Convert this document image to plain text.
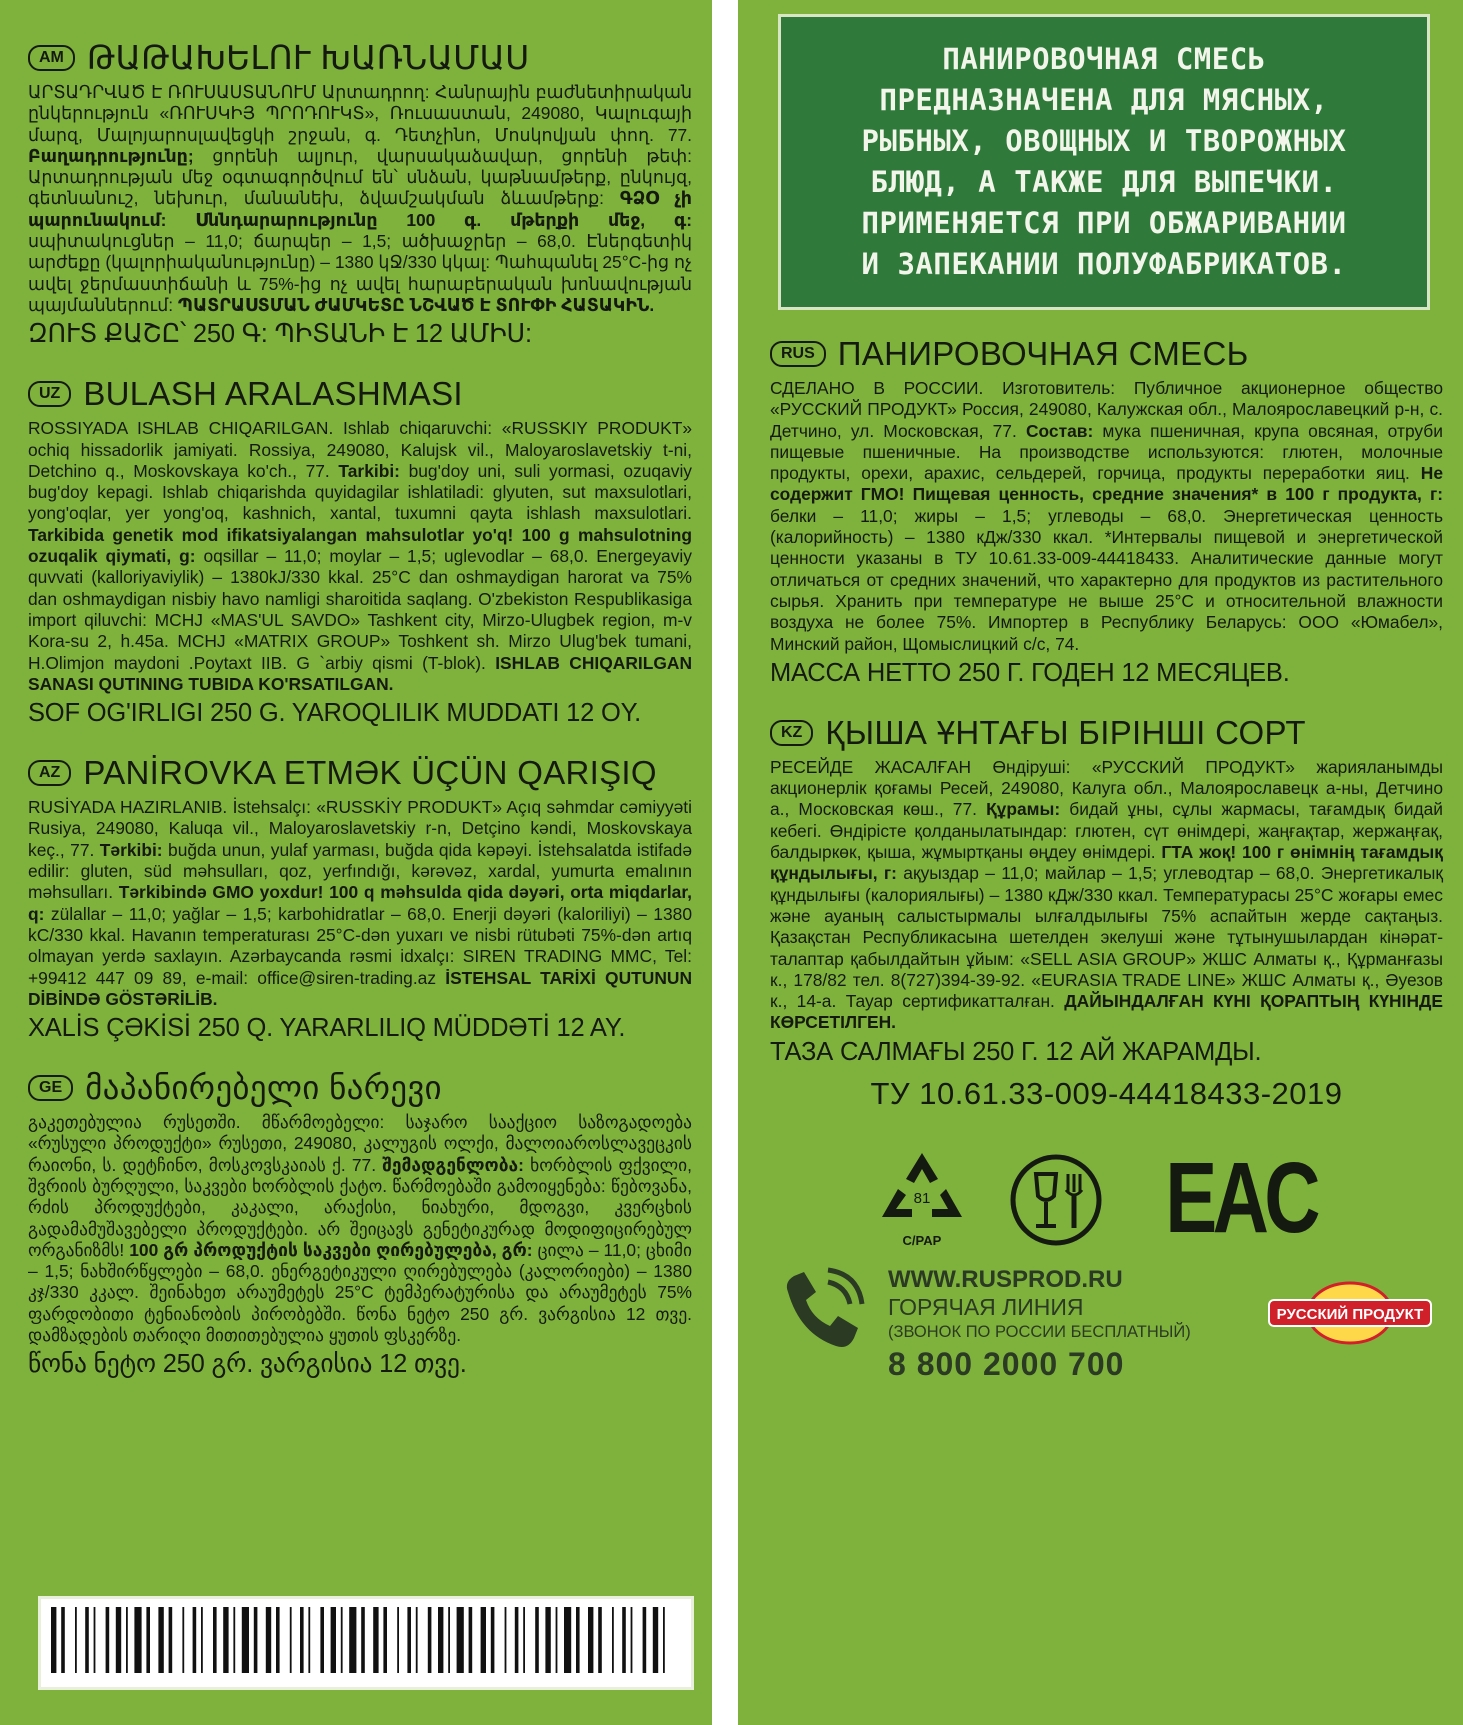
AM ԹԱԹԱԽԵԼՈՒ ԽԱՌՆԱՄԱՍ

ԱՐՏԱԴՐՎԱԾ Է ՌՈՒՍԱՍՏԱՆՈՒՄ Արտադրող: Հանրային բաժնետիրական ընկերություն «ՌՈՒՍԿԻՅ ՊՐՈԴՈՒԿՏ», Ռուսաստան, 249080, Կալուգայի մարզ, Մալոյարոսլավեցկի շրջան, գ. Դետչինո, Մոսկովյան փող. 77. Բաղադրությունը; ցորենի ալյուր, վարսակաձավար, ցորենի թեփ: Արտադրության մեջ օգտագործվում են՝ սնձան, կաթնամթերք, ընկույզ, գետնանուշ, նեխուր, մանանեխ, ձվամշակման ձևամթերք: ԳՁՕ չի պարունակում: Սննդարարությունը 100 գ. մթերքի մեջ, գ: սպիտակուցներ – 11,0; ճարպեր – 1,5; ածխաջրեր – 68,0. Էներգետիկ արժեքը (կալորիականությունը) – 1380 կՋ/330 կկալ: Պահպանել 25°C-ից ոչ ավել ջերմաստիճանի և 75%-ից ոչ ավել հարաբերական խոնավության պայմաններում: ՊԱՏՐԱՍՏՄԱՆ ԺԱՄԿԵՏԸ ՆՇՎԱԾ Է ՏՈՒՓԻ ՀԱՏԱԿԻՆ.

ԶՈՒՏ ՔԱՇԸ՝ 250 Գ: ՊԻՏԱՆԻ Է 12 ԱՄԻՍ:
UZ BULASH ARALASHMASI

ROSSIYADA ISHLAB CHIQARILGAN. Ishlab chiqaruvchi: «RUSSKIY PRODUKT» ochiq hissadorlik jamiyati. Rossiya, 249080, Kalujsk vil., Maloyaroslavetskiy t-ni, Detchino q., Moskovskaya ko'ch., 77. Tarkibi: bug'doy uni, suli yormasi, ozuqaviy bug'doy kepagi. Ishlab chiqarishda quyidagilar ishlatiladi: glyuten, sut maxsulotlari, yong'oqlar, yer yong'oq, kashnich, xantal, tuxumni qayta ishlash maxsulotlari. Tarkibida genetik mod ifikatsiyalangan mahsulotlar yo'q! 100 g mahsulotning ozuqalik qiymati, g: oqsillar – 11,0; moylar – 1,5; uglevodlar – 68,0. Energeyaviy quvvati (kalloriyaviylik) – 1380kJ/330 kkal. 25°C dan oshmaydigan harorat va 75% dan oshmaydigan nisbiy havo namligi sharoitida saqlang. O'zbekiston Respublikasiga import qiluvchi: MCHJ «MAS'UL SAVDO» Tashkent city, Mirzo-Ulugbek region, m-v Kora-su 2, h.45a. MCHJ «MATRIX GROUP» Toshkent sh. Mirzo Ulug'bek tumani, H.Olimjon maydoni .Poytaxt IIB. G `arbiy qismi (T-blok). ISHLAB CHIQARILGAN SANASI QUTINING TUBIDA KO'RSATILGAN.

SOF OG'IRLIGI 250 G. YAROQLILIK MUDDATI 12 OY.
AZ PANİROVKA ETMƏK ÜÇÜN QARIŞIQ

RUSİYADA HAZIRLANIB. İstehsalçı: «RUSSKİY PRODUKT» Açıq səhmdar cəmiyyəti Rusiya, 249080, Kaluqa vil., Maloyaroslavetskiy r-n, Detçino kəndi, Moskovskaya keç., 77. Tərkibi: buğda unun, yulaf yarması, buğda qida kəpəyi. İstehsalatda istifadə edilir: gluten, süd məhsulları, qoz, yerfındığı, kərəvəz, xardal, yumurta emalının məhsulları. Tərkibində GMO yoxdur! 100 q məhsulda qida dəyəri, orta miqdarlar, q: zülallar – 11,0; yağlar – 1,5; karbohidratlar – 68,0. Enerji dəyəri (kaloriliyi) – 1380 kC/330 kkal. Havanın temperaturası 25°C-dən yuxarı ve nisbi rütubəti 75%-dən artıq olmayan yerdə saxlayın. Azərbaycanda rəsmi idxalçı: SIREN TRADING MMC, Tel: +99412 447 09 89, e-mail: office@siren-trading.az İSTEHSAL TARİXİ QUTUNUN DİBİNDƏ GÖSTƏRİLİB.

XALİS ÇƏKİSİ 250 Q. YARARLILIQ MÜDDƏTİ 12 AY.
GE მაპანირებელი ნარევი

გაკეთებულია რუსეთში. მწარმოებელი: საჯარო სააქციო საზოგადოება «რუსული პროდუქტი» რუსეთი, 249080, კალუგის ოლქი, მალოიაროსლავეცკის რაიონი, ს. დეტჩინო, მოსკოვსკაიას ქ. 77. შემადგენლობა: ხორბლის ფქვილი, შვრიის ბურღული, საკვები ხორბლის ქატო. წარმოებაში გამოიყენება: წებოვანა, რძის პროდუქტები, კაკალი, არაქისი, ნიახური, მდოგვი, კვერცხის გადამამუშავებელი პროდუქტები. არ შეიცავს გენეტიკურად მოდიფიცირებულ ორგანიზმს! 100 გრ პროდუქტის საკვები ღირებულება, გრ: ცილა – 11,0; ცხიმი – 1,5; ნახშირწყლები – 68,0. ენერგეტიკული ღირებულება (კალორიები) – 1380 კჯ/330 კკალ. შეინახეთ არაუმეტეს 25°C ტემპერატურისა და არაუმეტეს 75% ფარდობითი ტენიანობის პირობებში. წონა ნეტო 250 გრ. ვარგისია 12 თვე. დამზადების თარიღი მითითებულია ყუთის ფსკერზე.

წონა ნეტო 250 გრ. ვარგისია 12 თვე.
ПАНИРОВОЧНАЯ СМЕСЬ
ПРЕДНАЗНАЧЕНА ДЛЯ МЯСНЫХ,
РЫБНЫХ, ОВОЩНЫХ И ТВОРОЖНЫХ
БЛЮД, А ТАКЖЕ ДЛЯ ВЫПЕЧКИ.
ПРИМЕНЯЕТСЯ ПРИ ОБЖАРИВАНИИ
И ЗАПЕКАНИИ ПОЛУФАБРИКАТОВ.
RUS ПАНИРОВОЧНАЯ СМЕСЬ

СДЕЛАНО В РОССИИ. Изготовитель: Публичное акционерное общество «РУССКИЙ ПРОДУКТ» Россия, 249080, Калужская обл., Малоярославецкий р-н, с. Детчино, ул. Московская, 77. Состав: мука пшеничная, крупа овсяная, отруби пищевые пшеничные. На производстве используются: глютен, молочные продукты, орехи, арахис, сельдерей, горчица, продукты переработки яиц. Не содержит ГМО! Пищевая ценность, средние значения* в 100 г продукта, г: белки – 11,0; жиры – 1,5; углеводы – 68,0. Энергетическая ценность (калорийность) – 1380 кДж/330 ккал. *Интервалы пищевой и энергетической ценности указаны в ТУ 10.61.33-009-44418433. Аналитические данные могут отличаться от средних значений, что характерно для продуктов из растительного сырья. Хранить при температуре не выше 25°С и относительной влажности воздуха не более 75%. Импортер в Республику Беларусь: ООО «Юмабел», Минский район, Щомыслицкий с/с, 74.

МАССА НЕТТО 250 Г. ГОДЕН 12 МЕСЯЦЕВ.
KZ ҚЫША ҰНТАҒЫ БІРІНШІ СОРТ

РЕСЕЙДЕ ЖАСАЛҒАН Өндіруші: «РУССКИЙ ПРОДУКТ» жарияланымды акционерлік қоғамы Ресей, 249080, Калуга обл., Малоярославецк а-ны, Детчино а., Московская көш., 77. Құрамы: бидай ұны, сұлы жармасы, тағамдық бидай кебегі. Өндірісте қолданылатындар: глютен, сүт өнімдері, жаңғақтар, жержаңғақ, балдыркөк, қыша, жұмыртқаны өңдеу өнімдері. ГТА жоқ! 100 г өнімнің тағамдық құндылығы, г: ақуыздар – 11,0; майлар – 1,5; углеводтар – 68,0. Энергетикалық құндылығы (калориялығы) – 1380 кДж/330 ккал. Температурасы 25°С жоғары емес және ауаның салыстырмалы ылғалдылығы 75% аспайтын жерде сақтаңыз. Қазақстан Республикасына шетелден экелуші және тұтынушылардан кінәрат-талаптар қабылдайтын ұйым: «SELL ASIA GROUP» ЖШС Алматы қ., Құрманғазы к., 178/82 тел. 8(727)394-39-92. «EURASIA TRADE LINE» ЖШС Алматы қ., Әуезов к., 14-а. Тауар сертификатталған. ДАЙЫНДАЛҒАН КҮНІ ҚОРАПТЫҢ КҮНІНДЕ КӨРСЕТІЛГЕН.

ТАЗА САЛМАҒЫ 250 Г. 12 АЙ ЖАРАМДЫ.
ТУ 10.61.33-009-44418433-2019
81
C/PAP EAC
WWW.RUSPROD.RU
ГОРЯЧАЯ ЛИНИЯ
(ЗВОНОК ПО РОССИИ БЕСПЛАТНЫЙ)
8 800 2000 700
РУССКИЙ ПРОДУКТ
